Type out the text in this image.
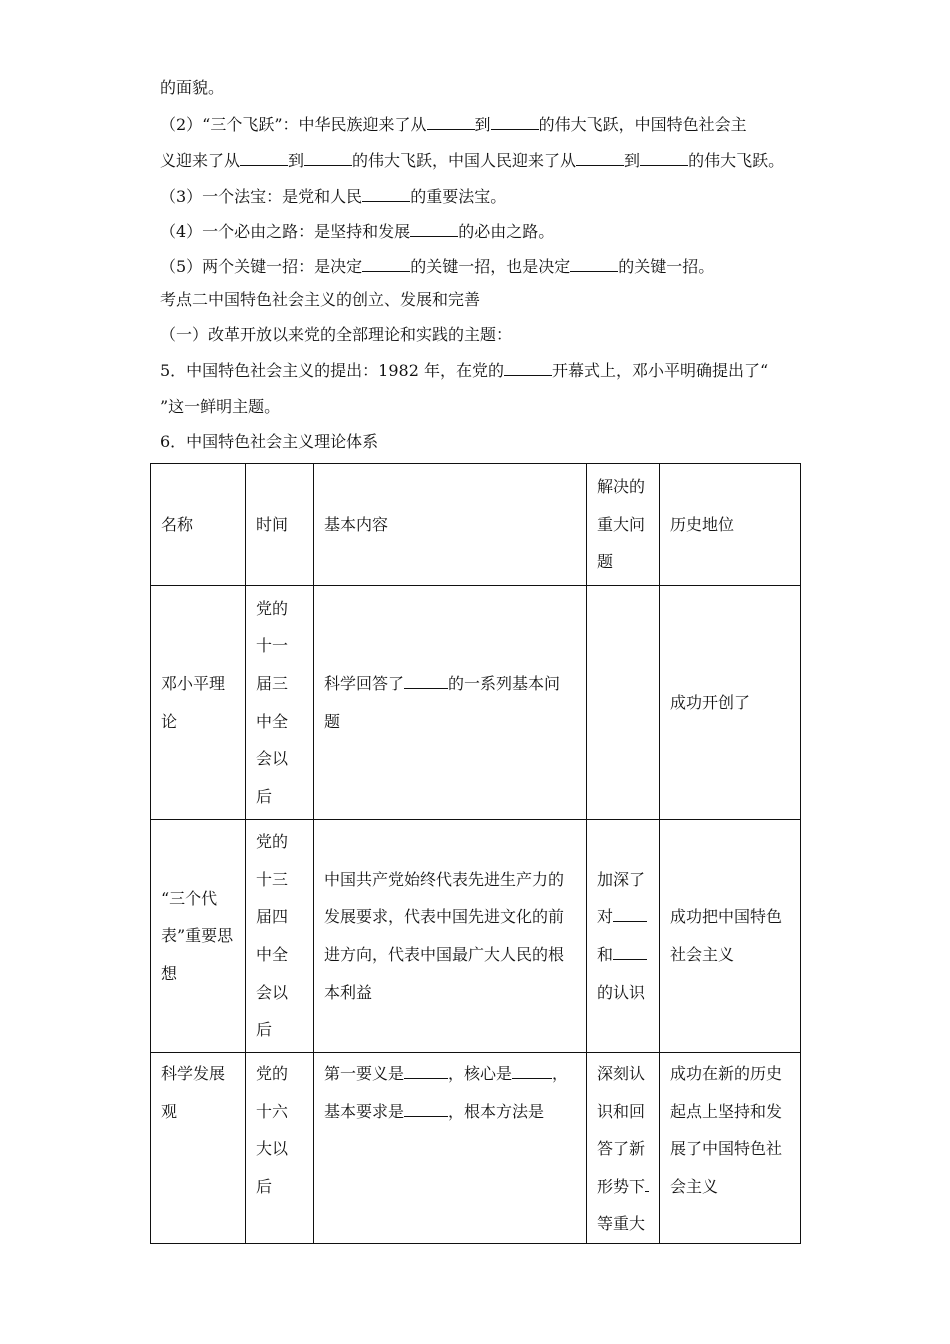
的面貌。
（2）“三个飞跃”：中华民族迎来了从	到	的伟大飞跃，中国特色社会主
义迎来了从	到	的伟大飞跃，中国人民迎来了从	到	的伟大飞跃。
（3）一个法宝：是党和人民	的重要法宝。
（4）一个必由之路：是坚持和发展	的必由之路。
（5）两个关键一招：是决定	的关键一招，也是决定	的关键一招。
考点二中国特色社会主义的创立、发展和完善
（一）改革开放以来党的全部理论和实践的主题：
5．中国特色社会主义的提出：1982 年，在党的	开幕式上，邓小平明确提出了“
”这一鲜明主题。
6．中国特色社会主义理论体系
名称	时间	基本内容	解决的重大问题	历史地位
邓小平理论	党的十一届三中全会以后	科学回答了 的一系列基本问题		成功开创了
“三个代表”重要思想	党的十三届四中全会以后	中国共产党始终代表先进生产力的发展要求，代表中国先进文化的前进方向，代表中国最广大人民的根本利益	加深了对和的认识	成功把中国特色社会主义
科学发展观	党的十六大以后	第一要义是 ，核心是 ，基本要求是 ，根本方法是	深刻认识和回答了新形势下等重大	成功在新的历史起点上坚持和发展了中国特色社会主义
